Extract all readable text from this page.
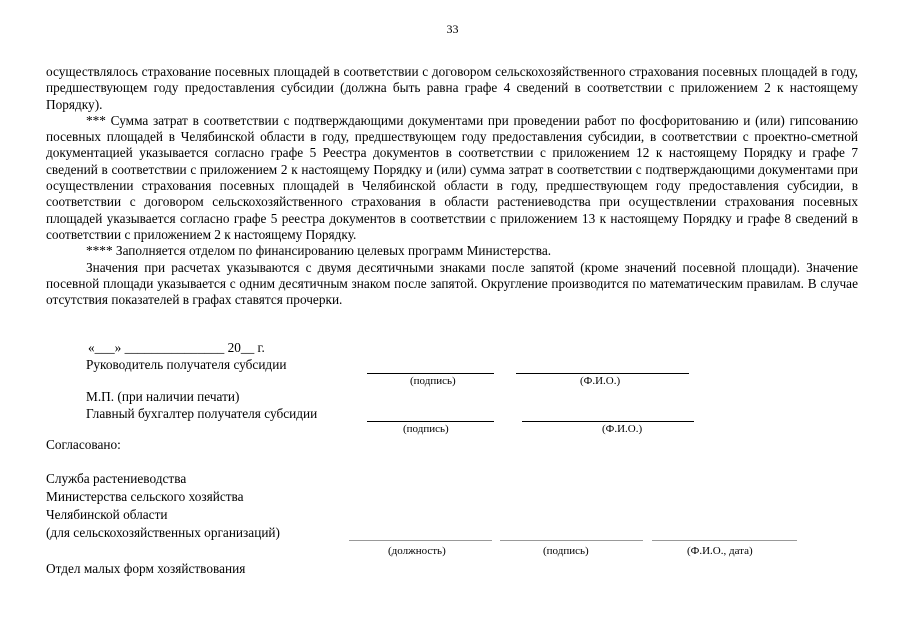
33

осуществлялось страхование посевных площадей в соответствии с договором сельскохозяйственного страхования посевных площадей в году, предшествующем году предоставления субсидии (должна быть равна графе 4 сведений в соответствии с приложением 2 к настоящему Порядку).

*** Сумма затрат в соответствии с подтверждающими документами при проведении работ по фосфоритованию и (или) гипсованию посевных площадей в Челябинской области в году, предшествующем году предоставления субсидии, в соответствии с проектно-сметной документацией указывается согласно графе 5 Реестра документов в соответствии с приложением 12 к настоящему Порядку и графе 7 сведений в соответствии с приложением 2 к настоящему Порядку и (или) сумма затрат в соответствии с подтверждающими документами при осуществлении страхования посевных площадей в Челябинской области в году, предшествующем году предоставления субсидии, в соответствии с договором сельскохозяйственного страхования в области растениеводства при осуществлении страхования посевных площадей указывается согласно графе 5 реестра документов в соответствии с приложением 13 к настоящему Порядку и графе 8 сведений в соответствии с приложением 2 к настоящему Порядку.

**** Заполняется отделом по финансированию целевых программ Министерства.

Значения при расчетах указываются с двумя десятичными знаками после запятой (кроме значений посевной площади). Значение посевной площади указывается с одним десятичным знаком после запятой. Округление производится по математическим правилам. В случае отсутствия показателей в графах ставятся прочерки.

«___» _______________ 20__ г.
Руководитель получателя субсидии
(подпись)	(Ф.И.О.)
М.П. (при наличии печати)
Главный бухгалтер получателя субсидии
(подпись)	(Ф.И.О.)
Согласовано:
Служба растениеводства
Министерства сельского хозяйства
Челябинской области
(для сельскохозяйственных организаций)
(должность)	(подпись)	(Ф.И.О., дата)
Отдел малых форм хозяйствования
